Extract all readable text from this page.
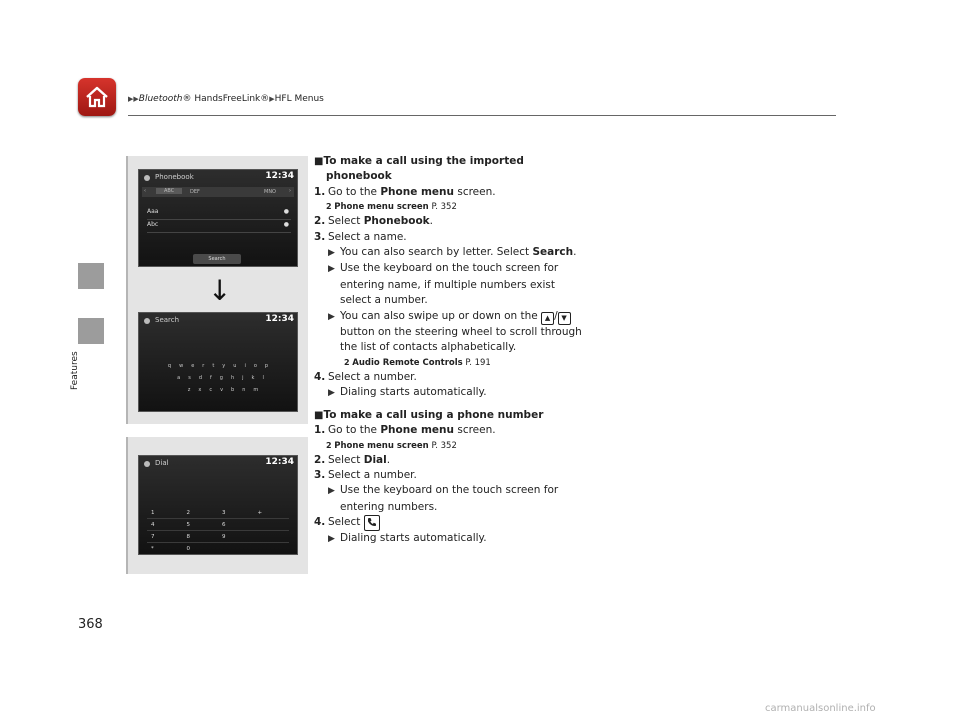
▶▶Bluetooth® HandsFreeLink®▶HFL Menus
Features
368
Phonebook	12:34
‹	ABC	DEF	MNO	›
Aaa	●
Abc	●
Search
↓
Search	12:34
q w e r t y u i o p
a s d f g h j k l
z x c v b n m
Dial	12:34
1	2	3	+
4	5	6
7	8	9
*	0
■To make a call using the imported phonebook
1. Go to the Phone menu screen.
2 Phone menu screen P. 352
2. Select Phonebook.
3. Select a name.
▶ You can also search by letter. Select Search.
▶ Use the keyboard on the touch screen for entering name, if multiple numbers exist select a number.
▶ You can also swipe up or down on the ▲ / ▼ button on the steering wheel to scroll through the list of contacts alphabetically.
2 Audio Remote Controls P. 191
4. Select a number.
▶ Dialing starts automatically.
■To make a call using a phone number
1. Go to the Phone menu screen.
2 Phone menu screen P. 352
2. Select Dial.
3. Select a number.
▶ Use the keyboard on the touch screen for entering numbers.
4. Select
▶ Dialing starts automatically.
carmanualsonline.info
